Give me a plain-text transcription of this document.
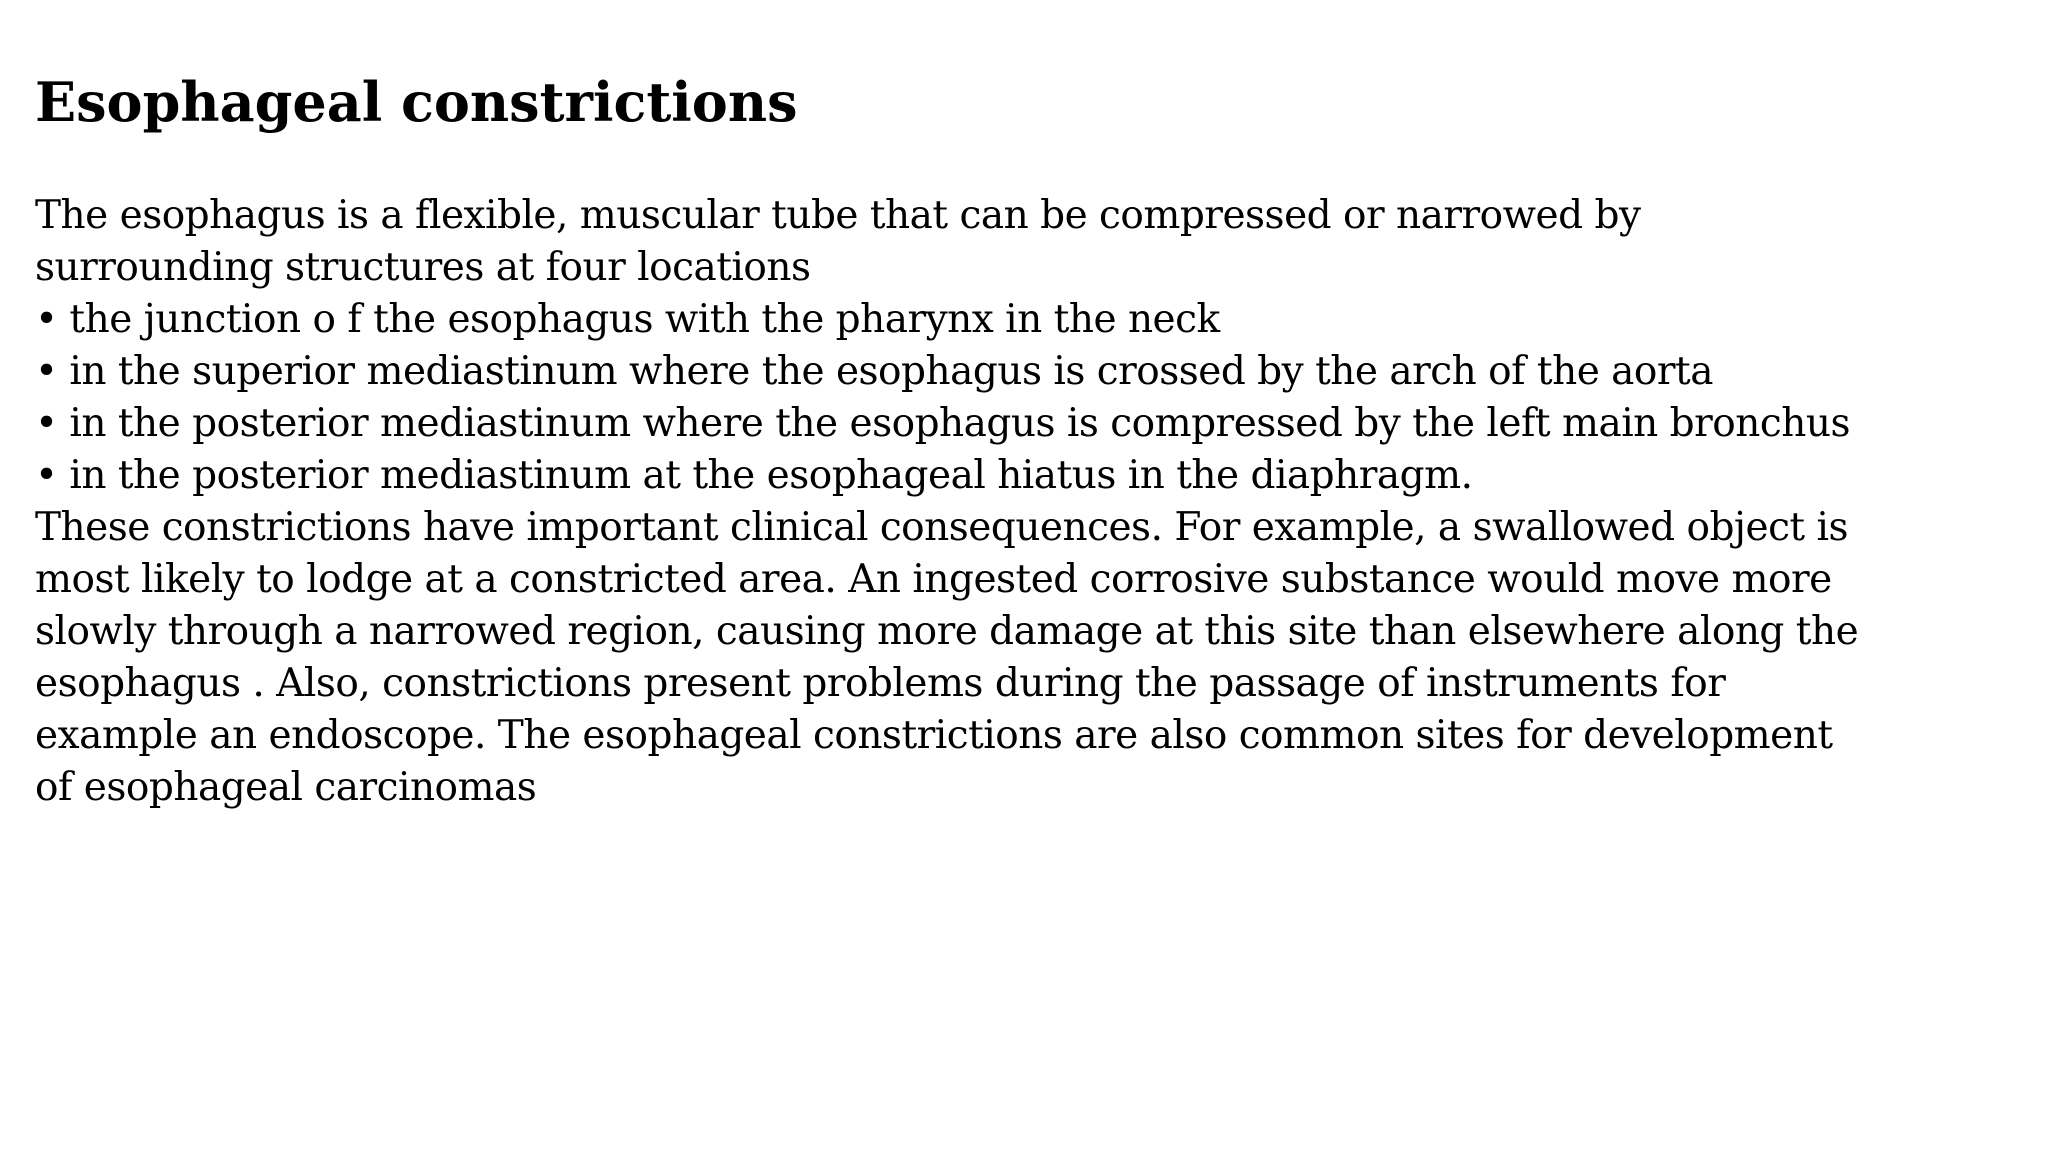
Esophageal constrictions
The esophagus is a flexible, muscular tube that can be compressed or narrowed by
surrounding structures at four locations
• the junction o f the esophagus with the pharynx in the neck
• in the superior mediastinum where the esophagus is crossed by the arch of the aorta
• in the posterior mediastinum where the esophagus is compressed by the left main bronchus
• in the posterior mediastinum at the esophageal hiatus in the diaphragm.
These constrictions have important clinical consequences. For example, a swallowed object is
most likely to lodge at a constricted area. An ingested corrosive substance would move more
slowly through a narrowed region, causing more damage at this site than elsewhere along the
esophagus . Also, constrictions present problems during the passage of instruments for
example an endoscope. The esophageal constrictions are also common sites for development
of esophageal carcinomas
